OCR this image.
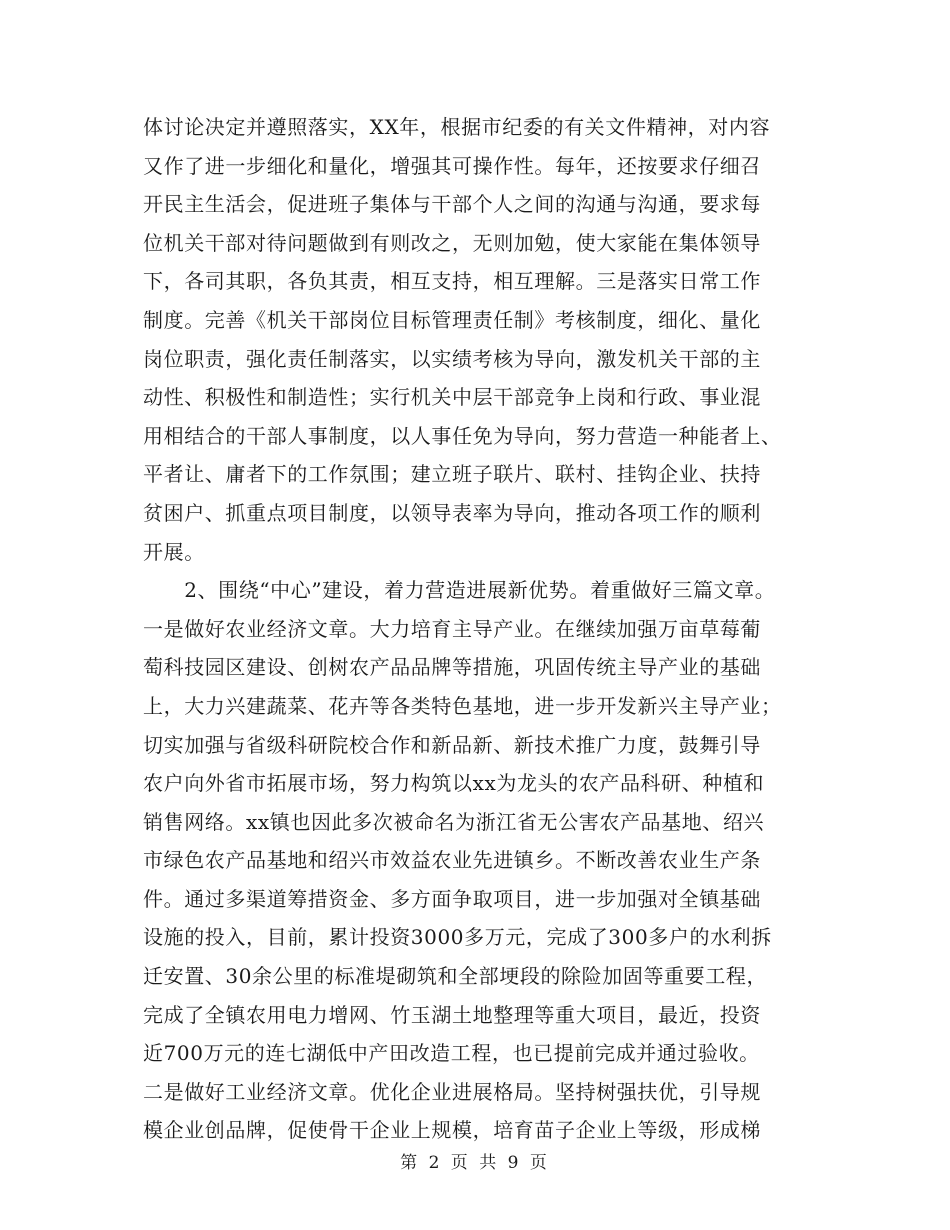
体讨论决定并遵照落实，XX年，根据市纪委的有关文件精神，对内容
又作了进一步细化和量化，增强其可操作性。每年，还按要求仔细召
开民主生活会，促进班子集体与干部个人之间的沟通与沟通，要求每
位机关干部对待问题做到有则改之，无则加勉，使大家能在集体领导
下，各司其职，各负其责，相互支持，相互理解。三是落实日常工作
制度。完善《机关干部岗位目标管理责任制》考核制度，细化、量化
岗位职责，强化责任制落实，以实绩考核为导向，激发机关干部的主
动性、积极性和制造性；实行机关中层干部竞争上岗和行政、事业混
用相结合的干部人事制度，以人事任免为导向，努力营造一种能者上、
平者让、庸者下的工作氛围；建立班子联片、联村、挂钩企业、扶持
贫困户、抓重点项目制度，以领导表率为导向，推动各项工作的顺利
开展。
　　2、围绕“中心”建设，着力营造进展新优势。着重做好三篇文章。
一是做好农业经济文章。大力培育主导产业。在继续加强万亩草莓葡
萄科技园区建设、创树农产品品牌等措施，巩固传统主导产业的基础
上，大力兴建蔬菜、花卉等各类特色基地，进一步开发新兴主导产业；
切实加强与省级科研院校合作和新品新、新技术推广力度，鼓舞引导
农户向外省市拓展市场，努力构筑以xx为龙头的农产品科研、种植和
销售网络。xx镇也因此多次被命名为浙江省无公害农产品基地、绍兴
市绿色农产品基地和绍兴市效益农业先进镇乡。不断改善农业生产条
件。通过多渠道筹措资金、多方面争取项目，进一步加强对全镇基础
设施的投入，目前，累计投资3000多万元，完成了300多户的水利拆
迁安置、30余公里的标准堤砌筑和全部埂段的除险加固等重要工程，
完成了全镇农用电力增网、竹玉湖土地整理等重大项目，最近，投资
近700万元的连七湖低中产田改造工程，也已提前完成并通过验收。
二是做好工业经济文章。优化企业进展格局。坚持树强扶优，引导规
模企业创品牌，促使骨干企业上规模，培育苗子企业上等级，形成梯
第 2 页 共 9 页
